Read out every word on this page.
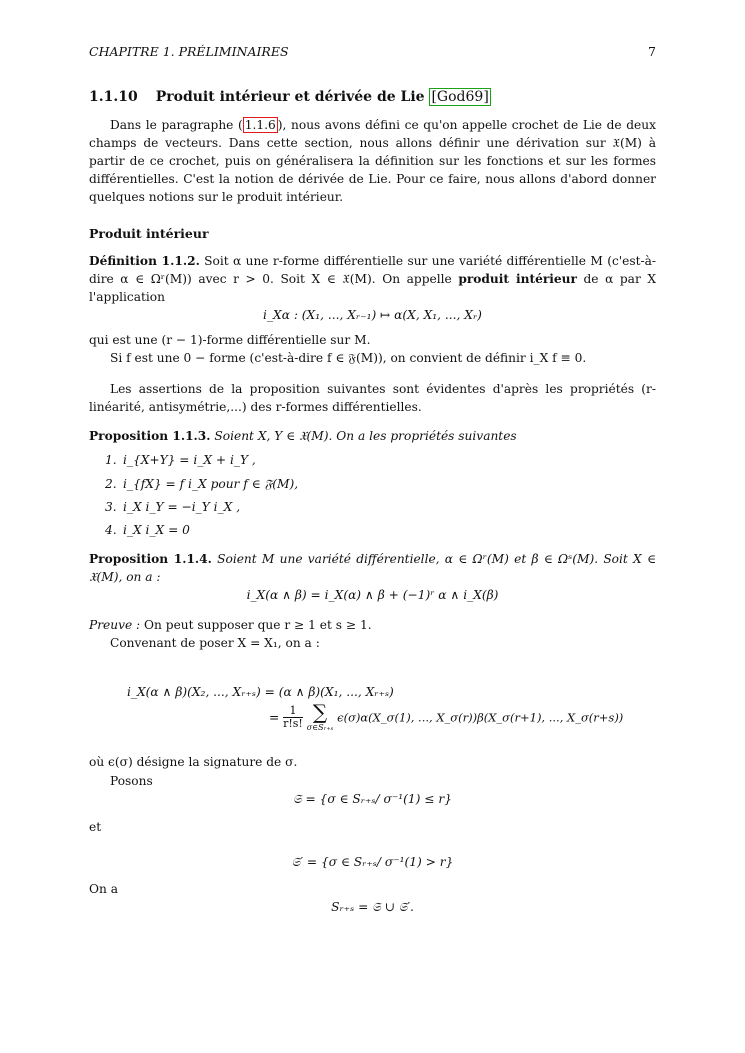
CHAPITRE 1. PRÉLIMINAIRES	7
1.1.10 Produit intérieur et dérivée de Lie [God69]
Dans le paragraphe ( 1.1.6 ), nous avons défini ce qu'on appelle crochet de Lie de deux champs de vecteurs. Dans cette section, nous allons définir une dérivation sur 𝔛(M) à partir de ce crochet, puis on généralisera la définition sur les fonctions et sur les formes différentielles. C'est la notion de dérivée de Lie. Pour ce faire, nous allons d'abord donner quelques notions sur le produit intérieur.
Produit intérieur
Définition 1.1.2. Soit α une r-forme différentielle sur une variété différentielle M (c'est-à-dire α ∈ Ωʳ(M)) avec r > 0. Soit X ∈ 𝔛(M). On appelle produit intérieur de α par X l'application
i_Xα : (X₁, ..., Xᵣ₋₁) ↦ α(X, X₁, ..., Xᵣ)
qui est une (r − 1)-forme différentielle sur M.
Si f est une 0 − forme (c'est-à-dire f ∈ 𝔉(M)), on convient de définir i_X f ≡ 0.
Les assertions de la proposition suivantes sont évidentes d'après les propriétés (r-linéarité, antisymétrie,...) des r-formes différentielles.
Proposition 1.1.3. Soient X, Y ∈ 𝔛(M). On a les propriétés suivantes
1. i_{X+Y} = i_X + i_Y ,
2. i_{fX} = f i_X pour f ∈ 𝔉(M),
3. i_X i_Y = −i_Y i_X ,
4. i_X i_X = 0
Proposition 1.1.4. Soient M une variété différentielle, α ∈ Ωʳ(M) et β ∈ Ωˢ(M). Soit X ∈ 𝔛(M), on a :
i_X(α ∧ β) = i_X(α) ∧ β + (−1)ʳ α ∧ i_X(β)
Preuve : On peut supposer que r ≥ 1 et s ≥ 1.
Convenant de poser X = X₁, on a :
i_X(α ∧ β)(X₂, ..., Xᵣ₊ₛ) = (α ∧ β)(X₁, ..., Xᵣ₊ₛ)
= $\frac{1}{r!s!}$
∑
σ∈Sᵣ₊ₛ
ϵ(σ)α(X_σ(1), ..., X_σ(r))β(X_σ(r+1), ..., X_σ(r+s))
où ϵ(σ) désigne la signature de σ.
Posons
𝔖 = {σ ∈ Sᵣ₊ₛ/ σ⁻¹(1) ≤ r}
et
𝔖′ = {σ ∈ Sᵣ₊ₛ/ σ⁻¹(1) > r}
On a
Sᵣ₊ₛ = 𝔖 ∪ 𝔖′.
